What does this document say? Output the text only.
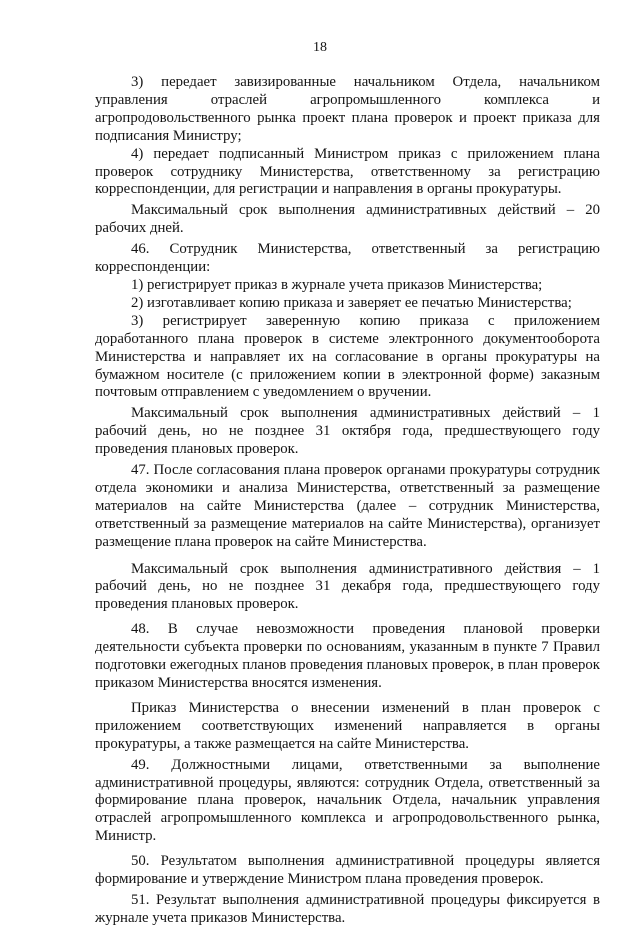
18

3) передает завизированные начальником Отдела, начальником управления отраслей агропромышленного комплекса и агропродовольственного рынка проект плана проверок и проект приказа для подписания Министру;

4) передает подписанный Министром приказ с приложением плана проверок сотруднику Министерства, ответственному за регистрацию корреспонденции, для регистрации и направления в органы прокуратуры.

Максимальный срок выполнения административных действий – 20 рабочих дней.

46. Сотрудник Министерства, ответственный за регистрацию корреспонденции:

1) регистрирует приказ в журнале учета приказов Министерства;

2) изготавливает копию приказа и заверяет ее печатью Министерства;

3) регистрирует заверенную копию приказа с приложением доработанного плана проверок в системе электронного документооборота Министерства и направляет их на согласование в органы прокуратуры на бумажном носителе (с приложением копии в электронной форме) заказным почтовым отправлением с уведомлением о вручении.

Максимальный срок выполнения административных действий – 1 рабочий день, но не позднее 31 октября года, предшествующего году проведения плановых проверок.

47. После согласования плана проверок органами прокуратуры сотрудник отдела экономики и анализа Министерства, ответственный за размещение материалов на сайте Министерства (далее – сотрудник Министерства, ответственный за размещение материалов на сайте Министерства), организует размещение плана проверок на сайте Министерства.

Максимальный срок выполнения административного действия – 1 рабочий день, но не позднее 31 декабря года, предшествующего году проведения плановых проверок.

48. В случае невозможности проведения плановой проверки деятельности субъекта проверки по основаниям, указанным в пункте 7 Правил подготовки ежегодных планов проведения плановых проверок, в план проверок приказом Министерства вносятся изменения.

Приказ Министерства о внесении изменений в план проверок с приложением соответствующих изменений направляется в органы прокуратуры, а также размещается на сайте Министерства.

49. Должностными лицами, ответственными за выполнение административной процедуры, являются: сотрудник Отдела, ответственный за формирование плана проверок, начальник Отдела, начальник управления отраслей агропромышленного комплекса и агропродовольственного рынка, Министр.

50. Результатом выполнения административной процедуры является формирование и утверждение Министром плана проведения проверок.

51. Результат выполнения административной процедуры фиксируется в журнале учета приказов Министерства.
